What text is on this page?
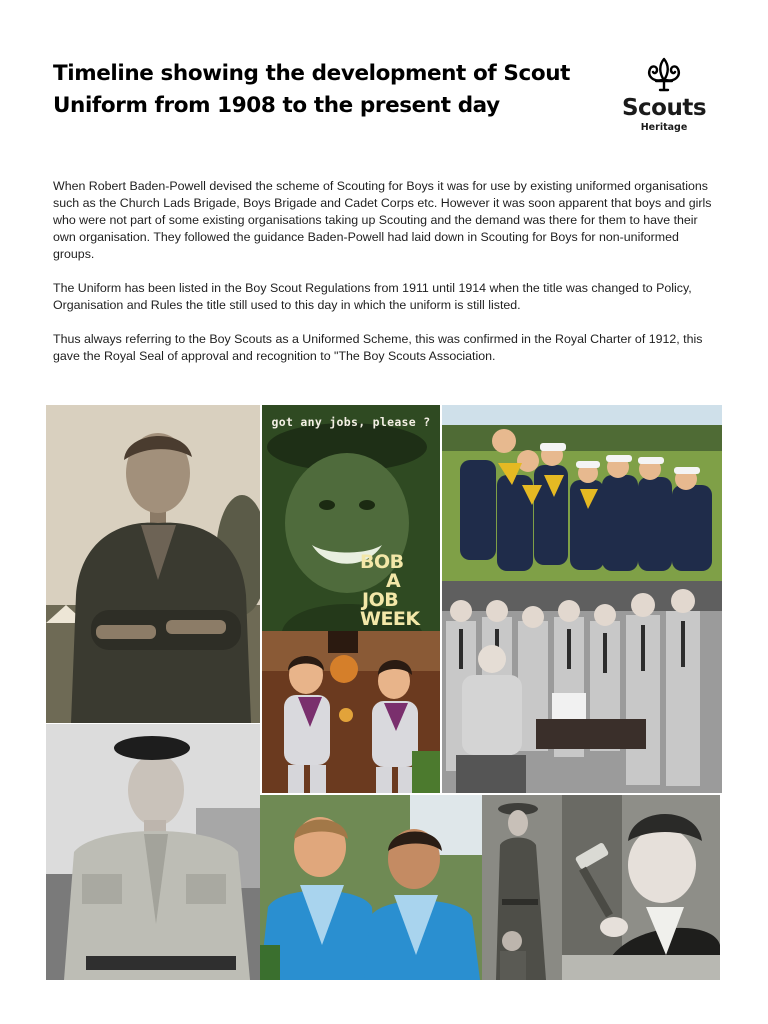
Timeline showing the development of Scout
Uniform from 1908 to the present day	Scouts
Heritage

When Robert Baden-Powell devised the scheme of Scouting for Boys it was for use by existing uniformed organisations such as the Church Lads Brigade, Boys Brigade and Cadet Corps etc. However it was soon apparent that boys and girls who were not part of some existing organisations taking up Scouting and the demand was there for them to have their own organisation. They followed the guidance Baden-Powell had laid down in Scouting for Boys for non-uniformed groups.

The Uniform has been listed in the Boy Scout Regulations from 1911 until 1914 when the title was changed to Policy, Organisation and Rules the title still used to this day in which the uniform is still listed.

Thus always referring to the Boy Scouts as a Uniformed Scheme, this was confirmed in the Royal Charter of 1912, this gave the Royal Seal of approval and recognition to "The Boy Scouts Association.

got any jobs, please ?
BOB
A
JOB
WEEK
